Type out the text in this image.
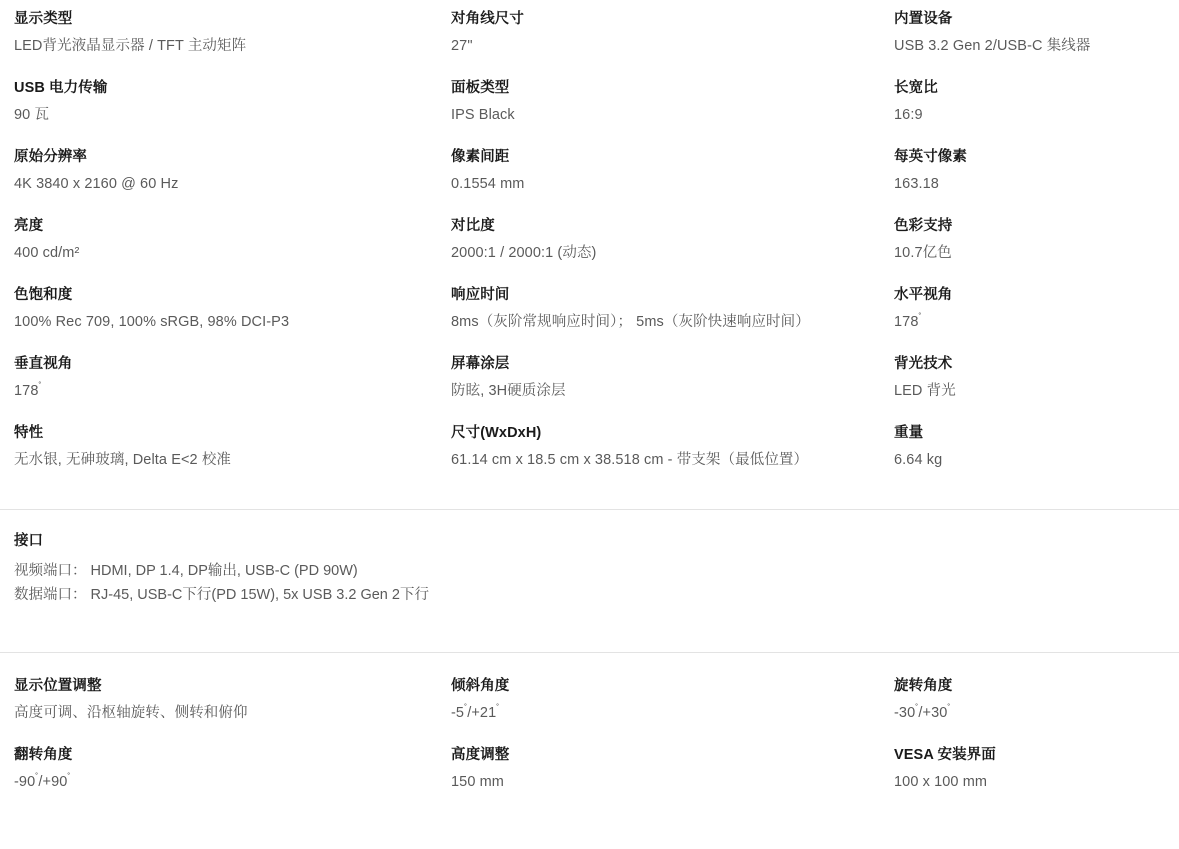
显示类型
LED背光液晶显示器 / TFT 主动矩阵
对角线尺寸
27"
内置设备
USB 3.2 Gen 2/USB-C 集线器
USB 电力传输
90 瓦
面板类型
IPS Black
长宽比
16:9
原始分辨率
4K 3840 x 2160 @ 60 Hz
像素间距
0.1554 mm
每英寸像素
163.18
亮度
400 cd/m²
对比度
2000:1 / 2000:1 (动态)
色彩支持
10.7亿色
色饱和度
100% Rec 709, 100% sRGB, 98% DCI-P3
响应时间
8ms（灰阶常规响应时间）； 5ms（灰阶快速响应时间）
水平视角
178˚
垂直视角
178˚
屏幕涂层
防眩, 3H硬质涂层
背光技术
LED 背光
特性
无水银, 无砷玻璃, Delta E<2 校准
尺寸(WxDxH)
61.14 cm x 18.5 cm x 38.518 cm - 带支架（最低位置）
重量
6.64 kg
接口
视频端口： HDMI, DP 1.4, DP输出, USB-C (PD 90W)
数据端口： RJ-45, USB-C下行(PD 15W), 5x USB 3.2 Gen 2下行
显示位置调整
高度可调、沿枢轴旋转、侧转和俯仰
倾斜角度
-5˚/+21˚
旋转角度
-30˚/+30˚
翻转角度
-90˚/+90˚
高度调整
150 mm
VESA 安装界面
100 x 100 mm
